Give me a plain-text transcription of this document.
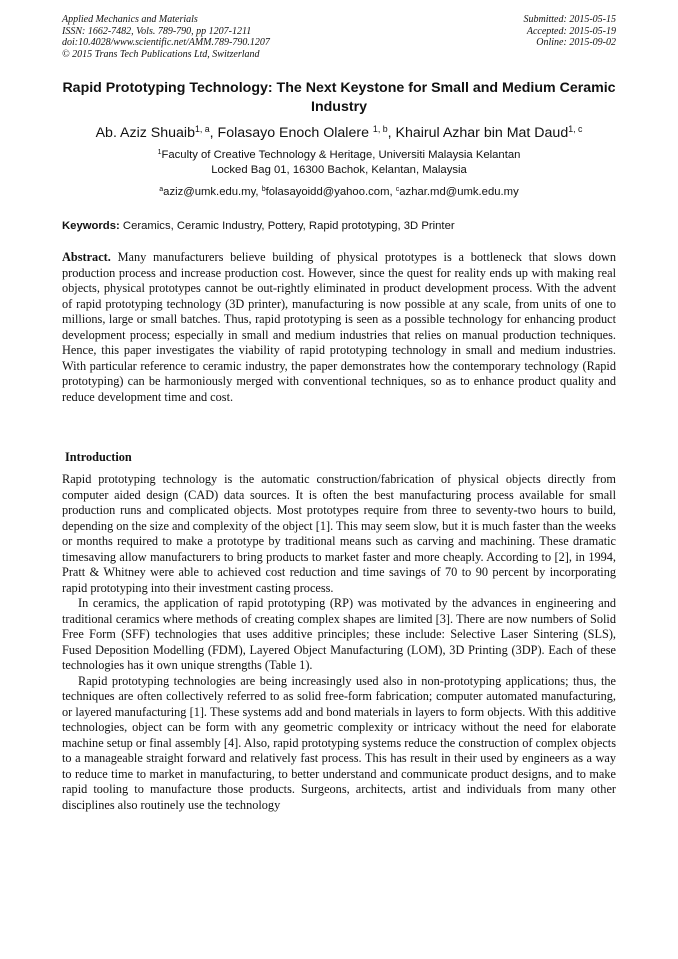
Applied Mechanics and Materials
ISSN: 1662-7482, Vols. 789-790, pp 1207-1211
doi:10.4028/www.scientific.net/AMM.789-790.1207
© 2015 Trans Tech Publications Ltd, Switzerland
Submitted: 2015-05-15
Accepted: 2015-05-19
Online: 2015-09-02
Rapid Prototyping Technology: The Next Keystone for Small and Medium Ceramic Industry
Ab. Aziz Shuaib$^{1, a}$, Folasayo Enoch Olalere $^{1, b}$, Khairul Azhar bin Mat Daud$^{1, c}$
$^1$Faculty of Creative Technology & Heritage, Universiti Malaysia Kelantan
Locked Bag 01, 16300 Bachok, Kelantan, Malaysia
$^a$aziz@umk.edu.my, $^b$folasayoidd@yahoo.com, $^c$azhar.md@umk.edu.my
Keywords: Ceramics, Ceramic Industry, Pottery, Rapid prototyping, 3D Printer
Abstract. Many manufacturers believe building of physical prototypes is a bottleneck that slows down production process and increase production cost. However, since the quest for reality ends up with making real objects, physical prototypes cannot be out-rightly eliminated in product development process. With the advent of rapid prototyping technology (3D printer), manufacturing is now possible at any scale, from units of one to millions, large or small batches. Thus, rapid prototyping is seen as a possible technology for enhancing product development process; especially in small and medium industries that relies on manual production techniques. Hence, this paper investigates the viability of rapid prototyping technology in small and medium industries. With particular reference to ceramic industry, the paper demonstrates how the contemporary technology (Rapid prototyping) can be harmoniously merged with conventional techniques, so as to enhance product quality and reduce development time and cost.
Introduction

Rapid prototyping technology is the automatic construction/fabrication of physical objects directly from computer aided design (CAD) data sources. It is often the best manufacturing process available for small production runs and complicated objects. Most prototypes require from three to seventy-two hours to build, depending on the size and complexity of the object [1]. This may seem slow, but it is much faster than the weeks or months required to make a prototype by traditional means such as carving and machining. These dramatic timesaving allow manufacturers to bring products to market faster and more cheaply. According to [2], in 1994, Pratt & Whitney were able to achieved cost reduction and time savings of 70 to 90 percent by incorporating rapid prototyping into their investment casting process.

In ceramics, the application of rapid prototyping (RP) was motivated by the advances in engineering and traditional ceramics where methods of creating complex shapes are limited [3]. There are now numbers of Solid Free Form (SFF) technologies that uses additive principles; these include: Selective Laser Sintering (SLS), Fused Deposition Modelling (FDM), Layered Object Manufacturing (LOM), 3D Printing (3DP). Each of these technologies has it own unique strengths (Table 1).

Rapid prototyping technologies are being increasingly used also in non-prototyping applications; thus, the techniques are often collectively referred to as solid free-form fabrication; computer automated manufacturing, or layered manufacturing [1]. These systems add and bond materials in layers to form objects. With this additive technologies, object can be form with any geometric complexity or intricacy without the need for elaborate machine setup or final assembly [4]. Also, rapid prototyping systems reduce the construction of complex objects to a manageable straight forward and relatively fast process. This has result in their used by engineers as a way to reduce time to market in manufacturing, to better understand and communicate product designs, and to make rapid tooling to manufacture those products. Surgeons, architects, artist and individuals from many other disciplines also routinely use the technology
